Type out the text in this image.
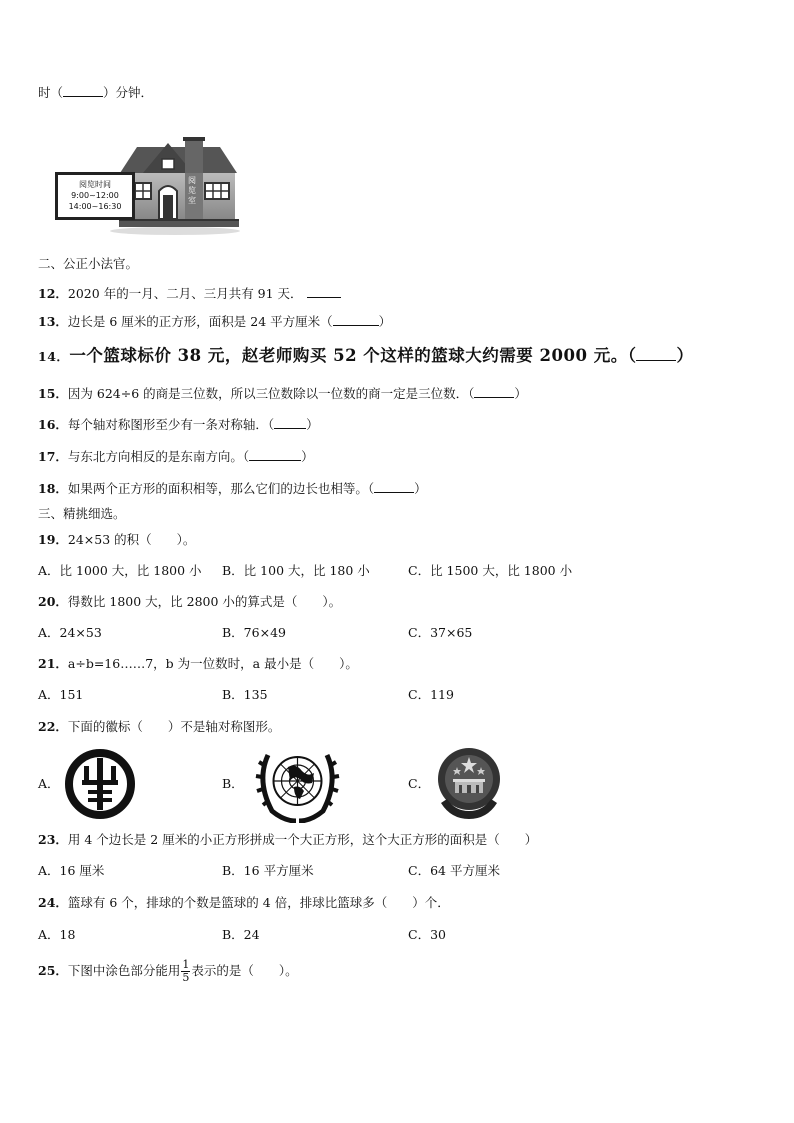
时（	）分钟．
阅览室
阅览时间
9:00~12:00
14:00~16:30
二、公正小法官。
12．2020 年的一月、二月、三月共有 91 天．
13．边长是 6 厘米的正方形，面积是 24 平方厘米（	）
14．一个篮球标价 38 元，赵老师购买 52 个这样的篮球大约需要 2000 元。（ ）
15．因为 624÷6 的商是三位数，所以三位数除以一位数的商一定是三位数．（	）
16．每个轴对称图形至少有一条对称轴．（	）
17．与东北方向相反的是东南方向。（	）
18．如果两个正方形的面积相等，那么它们的边长也相等。（	）
三、精挑细选。
19．24×53 的积（　　）。
A．比 1000 大，比 1800 小 B．比 100 大，比 180 小	C．比 1500 大，比 1800 小
20．得数比 1800 大，比 2800 小的算式是（　　）。
A．24×53	B．76×49	C．37×65
21．a÷b=16……7，b 为一位数时，a 最小是（　　）。
A．151	B．135	C．119
22．下面的徽标（　　）不是轴对称图形。
A．	B．	C．
23．用 4 个边长是 2 厘米的小正方形拼成一个大正方形，这个大正方形的面积是（　　）
A．16 厘米	B．16 平方厘米	C．64 平方厘米
24．篮球有 6 个，排球的个数是篮球的 4 倍，排球比篮球多（　　）个．
A．18	B．24	C．30
25．下图中涂色部分能用 $\frac{1}{5}$ 表示的是（　　）。
